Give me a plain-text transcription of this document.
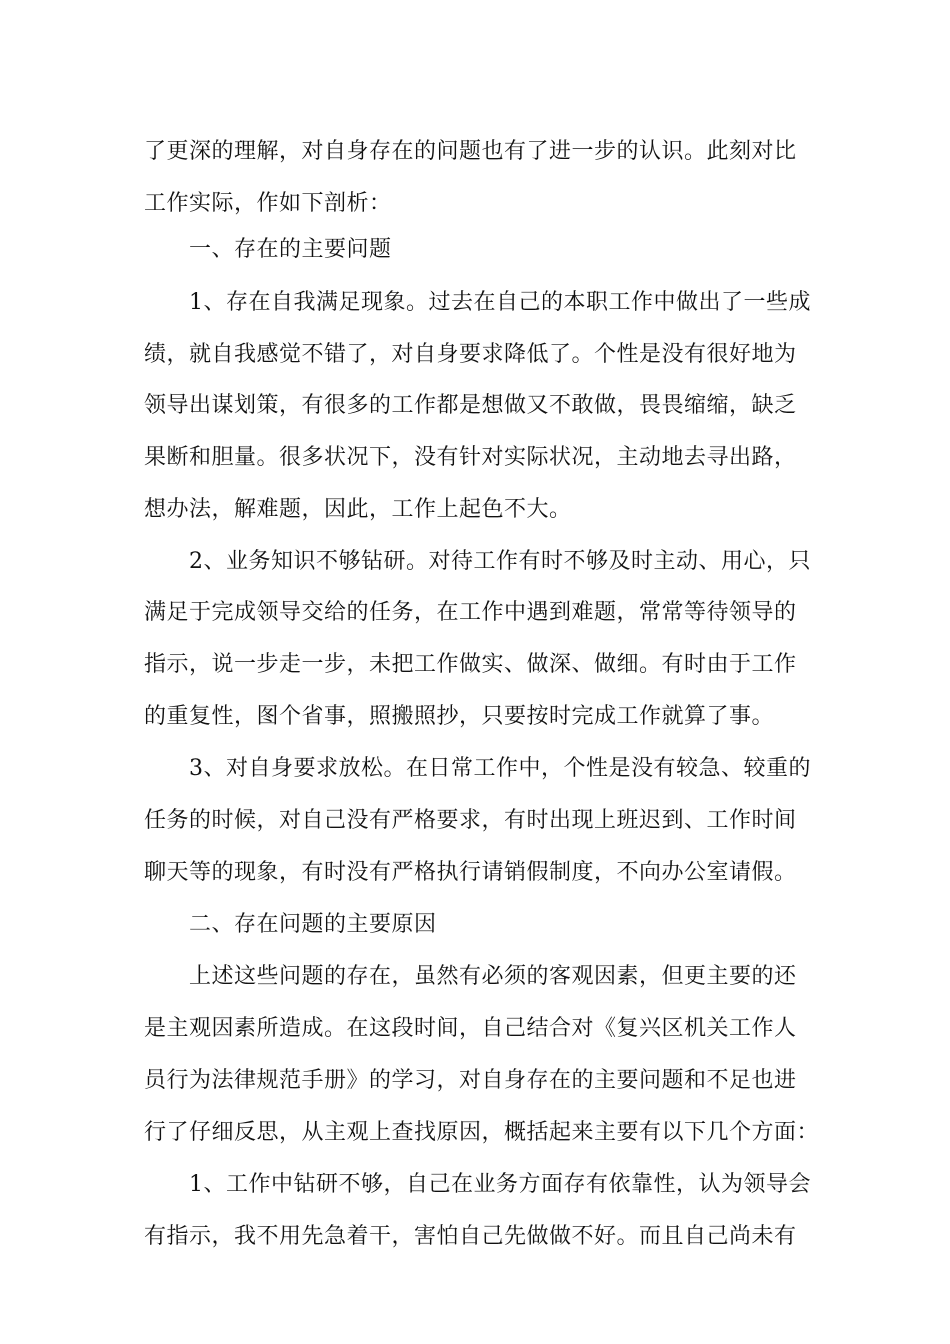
了更深的理解，对自身存在的问题也有了进一步的认识。此刻对比
工作实际，作如下剖析：
一、存在的主要问题
1、存在自我满足现象。过去在自己的本职工作中做出了一些成
绩，就自我感觉不错了，对自身要求降低了。个性是没有很好地为
领导出谋划策，有很多的工作都是想做又不敢做，畏畏缩缩，缺乏
果断和胆量。很多状况下，没有针对实际状况，主动地去寻出路，
想办法，解难题，因此，工作上起色不大。
2、业务知识不够钻研。对待工作有时不够及时主动、用心，只
满足于完成领导交给的任务，在工作中遇到难题，常常等待领导的
指示，说一步走一步，未把工作做实、做深、做细。有时由于工作
的重复性，图个省事，照搬照抄，只要按时完成工作就算了事。
3、对自身要求放松。在日常工作中，个性是没有较急、较重的
任务的时候，对自己没有严格要求，有时出现上班迟到、工作时间
聊天等的现象，有时没有严格执行请销假制度，不向办公室请假。
二、存在问题的主要原因
上述这些问题的存在，虽然有必须的客观因素，但更主要的还
是主观因素所造成。在这段时间，自己结合对《复兴区机关工作人
员行为法律规范手册》的学习，对自身存在的主要问题和不足也进
行了仔细反思，从主观上查找原因，概括起来主要有以下几个方面：
1、工作中钻研不够，自己在业务方面存有依靠性，认为领导会
有指示，我不用先急着干，害怕自己先做做不好。而且自己尚未有
